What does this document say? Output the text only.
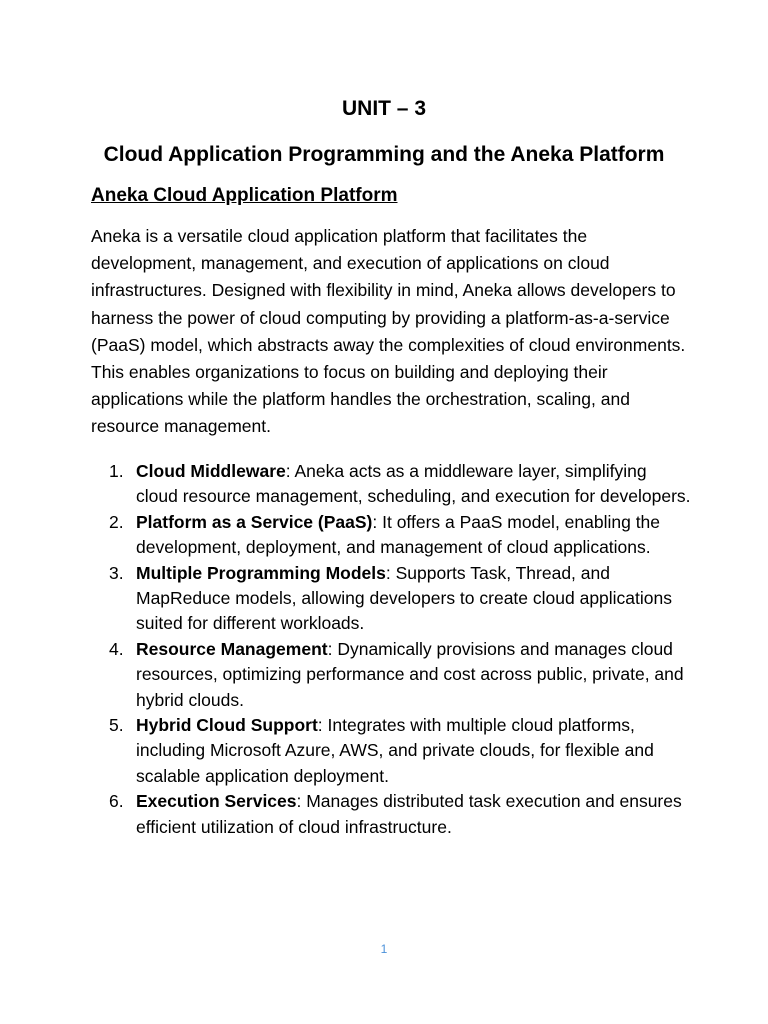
UNIT – 3
Cloud Application Programming and the Aneka Platform
Aneka Cloud Application Platform

Aneka is a versatile cloud application platform that facilitates the development, management, and execution of applications on cloud infrastructures. Designed with flexibility in mind, Aneka allows developers to harness the power of cloud computing by providing a platform-as-a-service (PaaS) model, which abstracts away the complexities of cloud environments. This enables organizations to focus on building and deploying their applications while the platform handles the orchestration, scaling, and resource management.

1. Cloud Middleware: Aneka acts as a middleware layer, simplifying cloud resource management, scheduling, and execution for developers.
2. Platform as a Service (PaaS): It offers a PaaS model, enabling the development, deployment, and management of cloud applications.
3. Multiple Programming Models: Supports Task, Thread, and MapReduce models, allowing developers to create cloud applications suited for different workloads.
4. Resource Management: Dynamically provisions and manages cloud resources, optimizing performance and cost across public, private, and hybrid clouds.
5. Hybrid Cloud Support: Integrates with multiple cloud platforms, including Microsoft Azure, AWS, and private clouds, for flexible and scalable application deployment.
6. Execution Services: Manages distributed task execution and ensures efficient utilization of cloud infrastructure.
1
